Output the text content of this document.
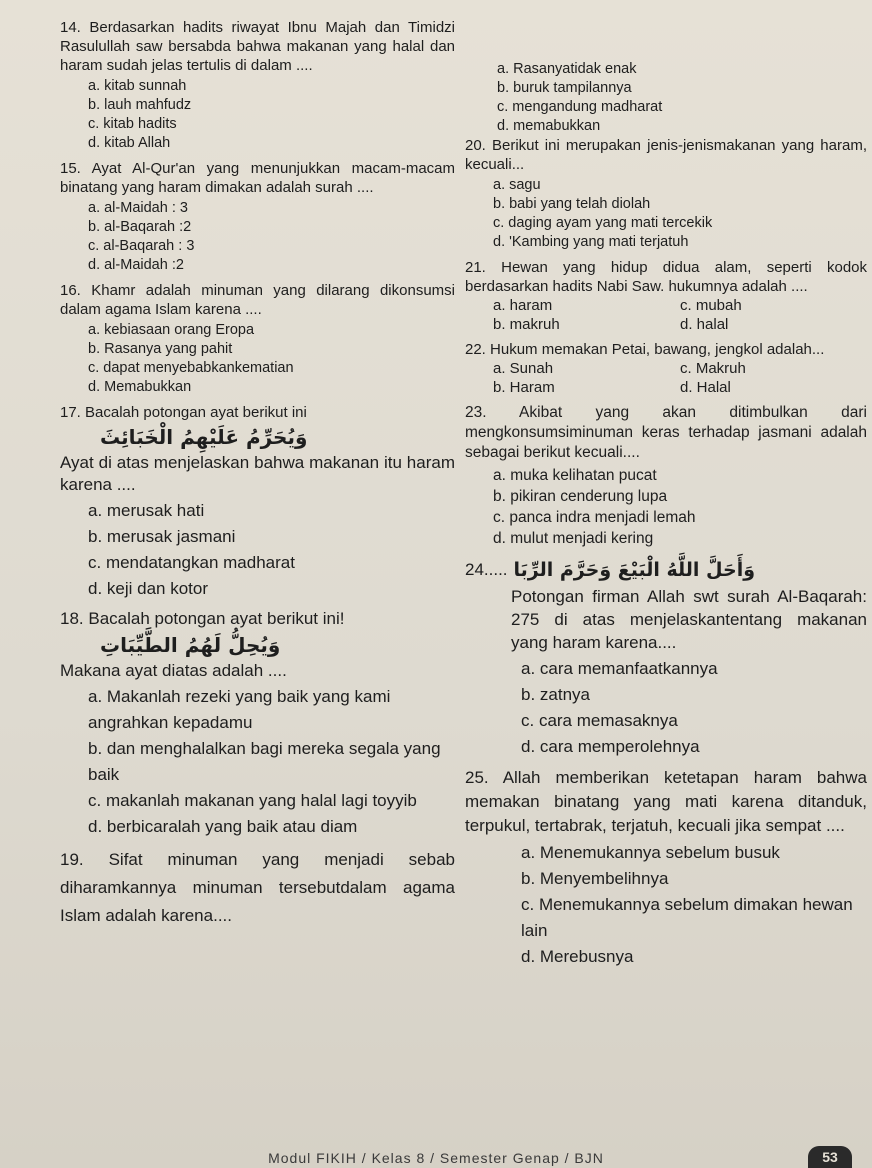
14. Berdasarkan hadits riwayat Ibnu Majah dan Timidzi Rasulullah saw bersabda bahwa makanan yang halal dan haram sudah jelas tertulis di dalam ....
a. kitab sunnah
b. lauh mahfudz
c. kitab hadits
d. kitab Allah
15. Ayat Al-Qur'an yang menunjukkan macam-macam binatang yang haram dimakan adalah surah ....
a. al-Maidah : 3
b. al-Baqarah :2
c. al-Baqarah : 3
d. al-Maidah :2
16. Khamr adalah minuman yang dilarang dikonsumsi dalam agama Islam karena ....
a. kebiasaan orang Eropa
b. Rasanya yang pahit
c. dapat menyebabkankematian
d. Memabukkan
17. Bacalah potongan ayat berikut ini
وَيُحَرِّمُ عَلَيْهِمُ الْخَبَائِثَ
Ayat di atas menjelaskan bahwa makanan itu haram karena ....
a. merusak hati
b. merusak jasmani
c. mendatangkan madharat
d. keji dan kotor
18. Bacalah potongan ayat berikut ini!
وَيُحِلُّ لَهُمُ الطَّيِّبَاتِ
Makana ayat diatas adalah ....
a. Makanlah rezeki yang baik yang kami angrahkan kepadamu
b. dan menghalalkan bagi mereka segala yang baik
c. makanlah makanan yang halal lagi toyyib
d. berbicaralah yang baik atau diam
19. Sifat minuman yang menjadi sebab diharamkannya minuman tersebutdalam agama Islam adalah karena....
a. Rasanyatidak enak
b. buruk tampilannya
c. mengandung madharat
d. memabukkan
20. Berikut ini merupakan jenis-jenismakanan yang haram, kecuali...
a. sagu
b. babi yang telah diolah
c. daging ayam yang mati tercekik
d. 'Kambing yang mati terjatuh
21. Hewan yang hidup didua alam, seperti kodok berdasarkan hadits Nabi Saw. hukumnya adalah ....
a. haram	c. mubah
b. makruh	d. halal
22. Hukum memakan Petai, bawang, jengkol adalah...
a. Sunah	c. Makruh
b. Haram	d. Halal
23. Akibat yang akan ditimbulkan dari mengkonsumsiminuman keras terhadap jasmani adalah sebagai berikut kecuali....
a. muka kelihatan pucat
b. pikiran cenderung lupa
c. panca indra menjadi lemah
d. mulut menjadi kering
24..... وَأَحَلَّ اللَّهُ الْبَيْعَ وَحَرَّمَ الرِّبَا
Potongan firman Allah swt surah Al-Baqarah: 275 di atas menjelaskantentang makanan yang haram karena....
a. cara memanfaatkannya
b. zatnya
c. cara memasaknya
d. cara memperolehnya
25. Allah memberikan ketetapan haram bahwa memakan binatang yang mati karena ditanduk, terpukul, tertabrak, terjatuh, kecuali jika sempat ....
a. Menemukannya sebelum busuk
b. Menyembelihnya
c. Menemukannya sebelum dimakan hewan lain
d. Merebusnya
Modul FIKIH / Kelas 8 / Semester Genap / BJN	53
